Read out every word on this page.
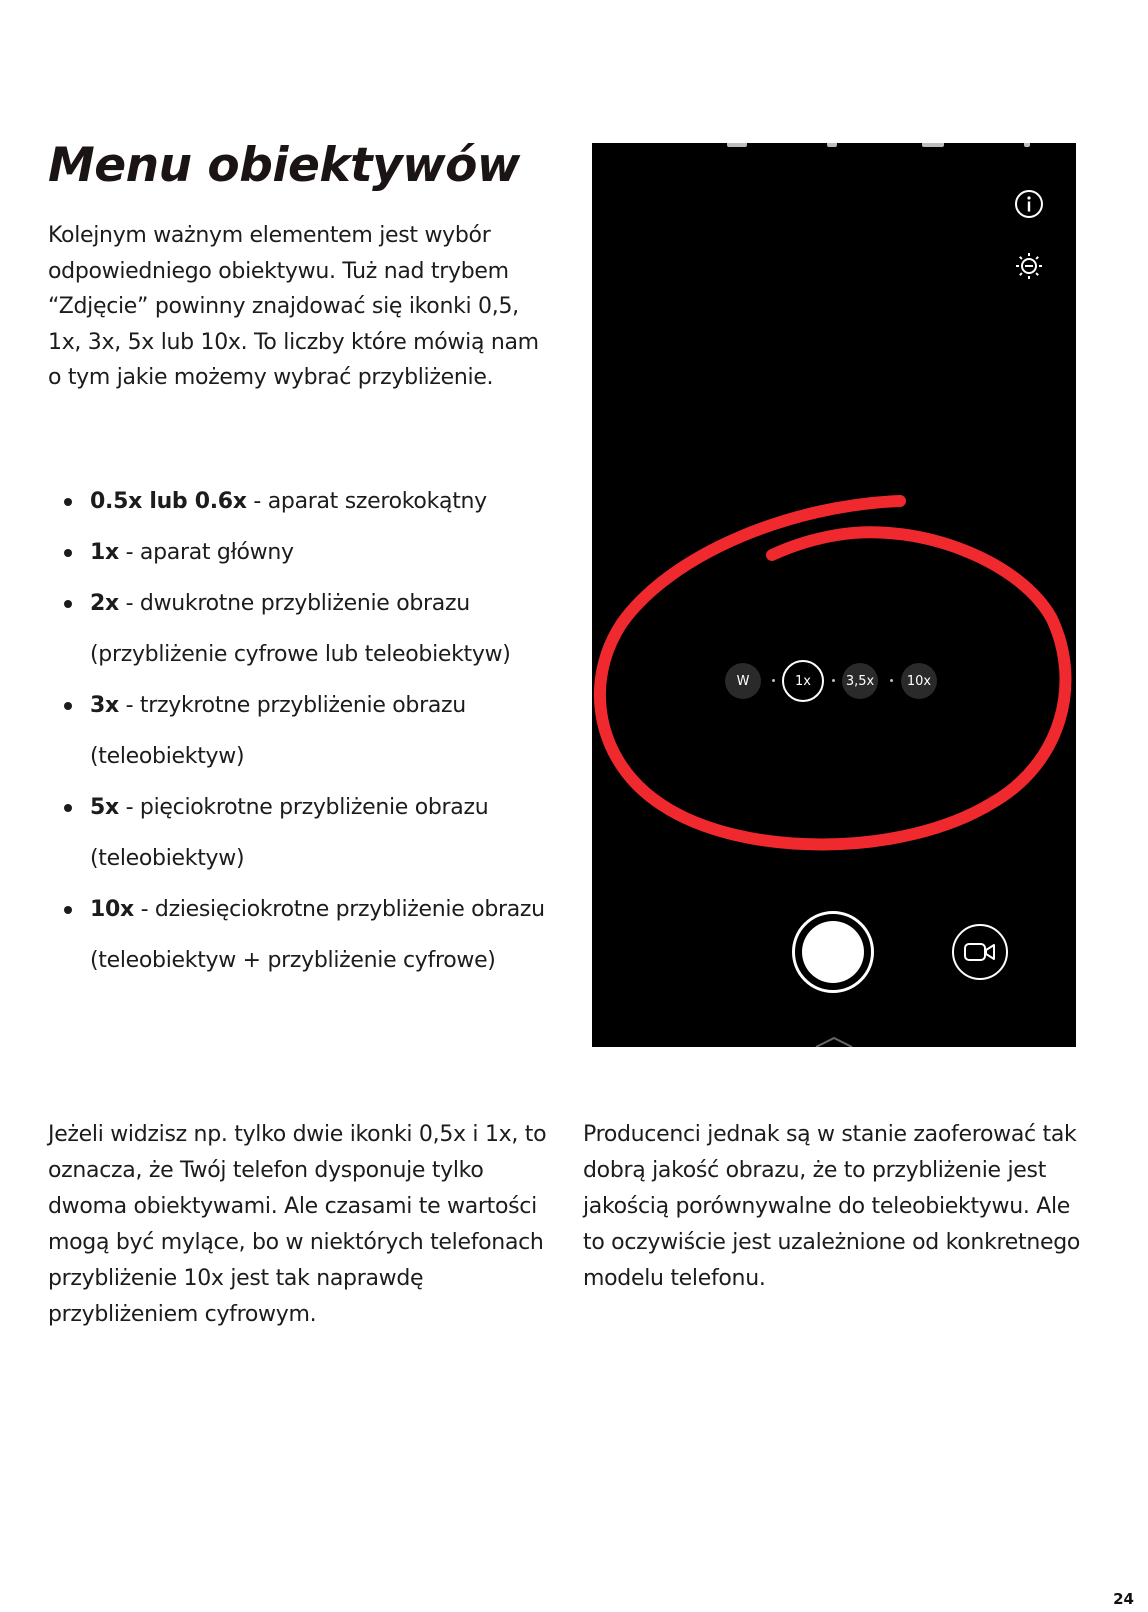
Menu obiektywów

Kolejnym ważnym elementem jest wybór odpowiedniego obiektywu. Tuż nad trybem “Zdjęcie” powinny znajdować się ikonki 0,5, 1x, 3x, 5x lub 10x. To liczby które mówią nam o tym jakie możemy wybrać przybliżenie.

0.5x lub 0.6x - aparat szerokokątny
1x - aparat główny
2x - dwukrotne przybliżenie obrazu (przybliżenie cyfrowe lub teleobiektyw)
3x - trzykrotne przybliżenie obrazu (teleobiektyw)
5x - pięciokrotne przybliżenie obrazu (teleobiektyw)
10x - dziesięciokrotne przybliżenie obrazu (teleobiektyw + przybliżenie cyfrowe)
W	1x	3,5x	10x

Jeżeli widzisz np. tylko dwie ikonki 0,5x i 1x, to oznacza, że Twój telefon dysponuje tylko dwoma obiektywami. Ale czasami te wartości mogą być mylące, bo w niektórych telefonach przybliżenie 10x jest tak naprawdę przybliżeniem cyfrowym.

Producenci jednak są w stanie zaoferować tak dobrą jakość obrazu, że to przybliżenie jest jakością porównywalne do teleobiektywu. Ale to oczywiście jest uzależnione od konkretnego modelu telefonu.

24
